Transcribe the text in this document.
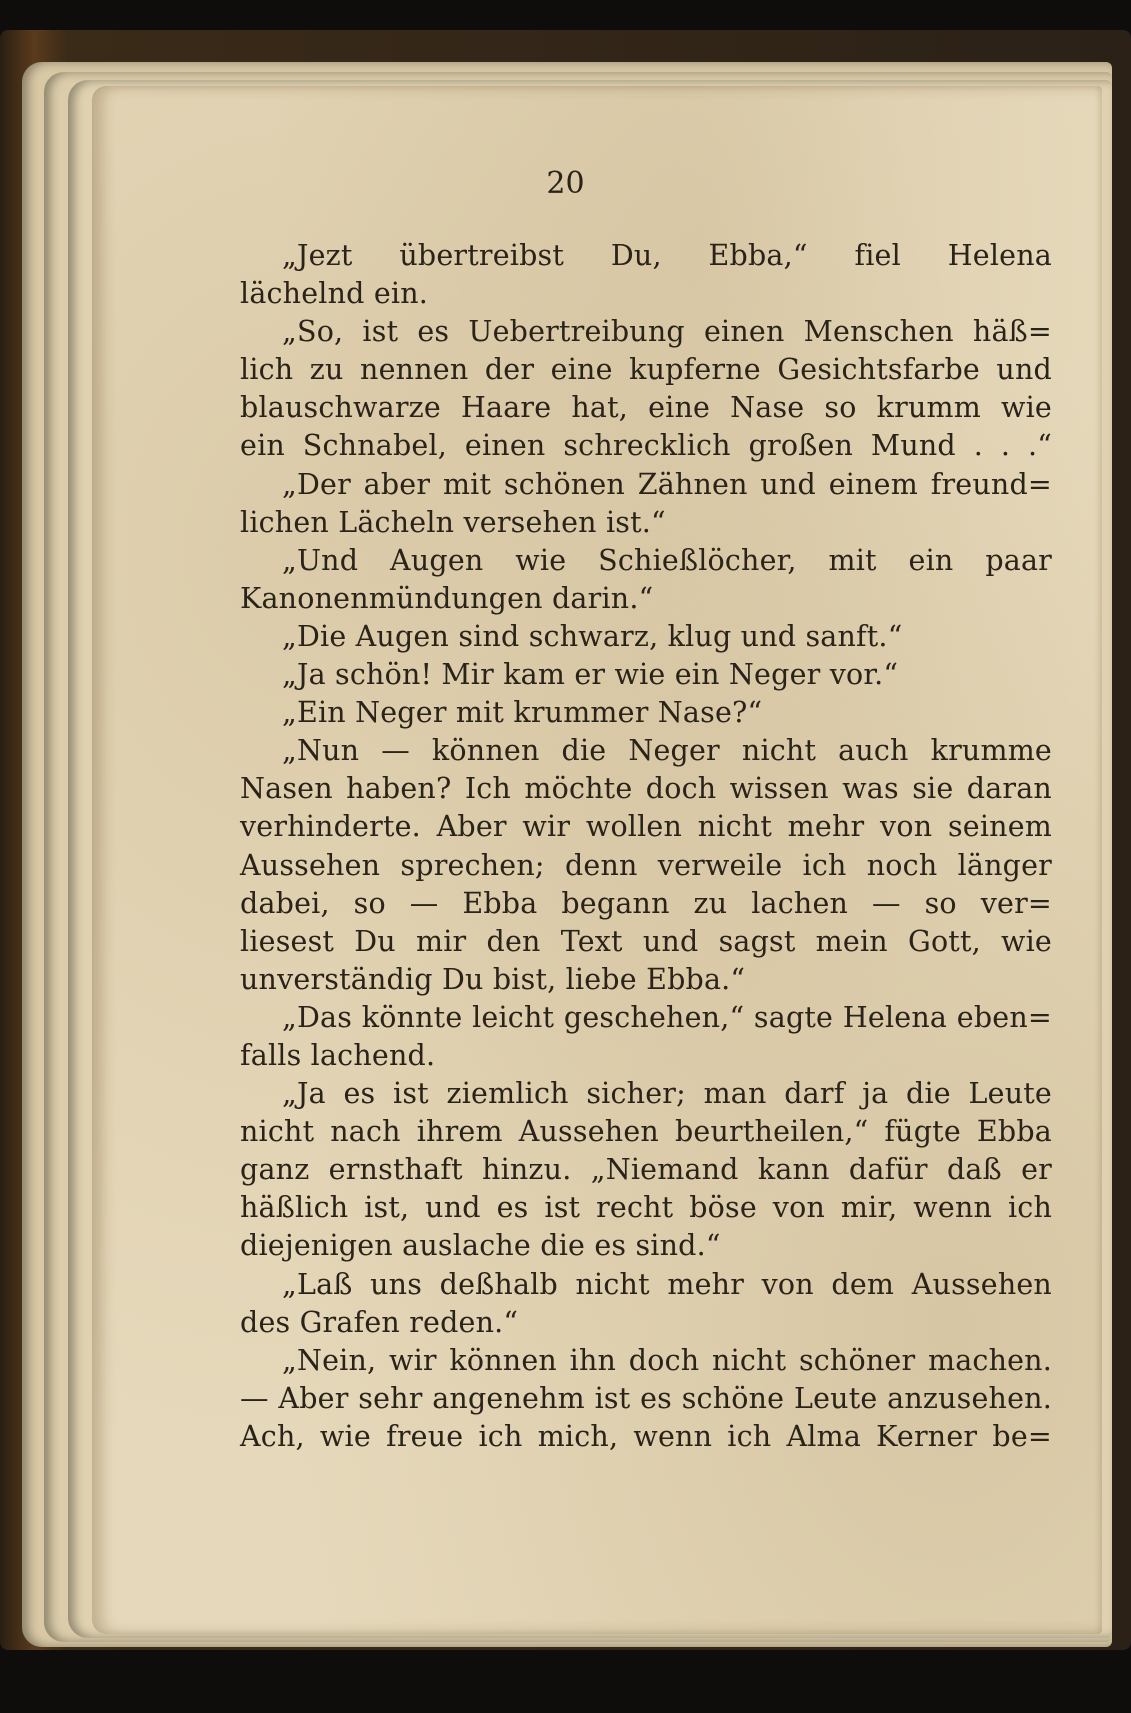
20
„Jezt übertreibst Du, Ebba,“ fiel Helena
lächelnd ein.
„So, ist es Uebertreibung einen Menschen häß=
lich zu nennen der eine kupferne Gesichtsfarbe und
blauschwarze Haare hat, eine Nase so krumm wie
ein Schnabel, einen schrecklich großen Mund . . .“
„Der aber mit schönen Zähnen und einem freund=
lichen Lächeln versehen ist.“
„Und Augen wie Schießlöcher, mit ein paar
Kanonenmündungen darin.“
„Die Augen sind schwarz, klug und sanft.“
„Ja schön! Mir kam er wie ein Neger vor.“
„Ein Neger mit krummer Nase?“
„Nun — können die Neger nicht auch krumme
Nasen haben? Ich möchte doch wissen was sie daran
verhinderte. Aber wir wollen nicht mehr von seinem
Aussehen sprechen; denn verweile ich noch länger
dabei, so — Ebba begann zu lachen — so ver=
liesest Du mir den Text und sagst mein Gott, wie
unverständig Du bist, liebe Ebba.“
„Das könnte leicht geschehen,“ sagte Helena eben=
falls lachend.
„Ja es ist ziemlich sicher; man darf ja die Leute
nicht nach ihrem Aussehen beurtheilen,“ fügte Ebba
ganz ernsthaft hinzu. „Niemand kann dafür daß er
häßlich ist, und es ist recht böse von mir, wenn ich
diejenigen auslache die es sind.“
„Laß uns deßhalb nicht mehr von dem Aussehen
des Grafen reden.“
„Nein, wir können ihn doch nicht schöner machen.
— Aber sehr angenehm ist es schöne Leute anzusehen.
Ach, wie freue ich mich, wenn ich Alma Kerner be=
